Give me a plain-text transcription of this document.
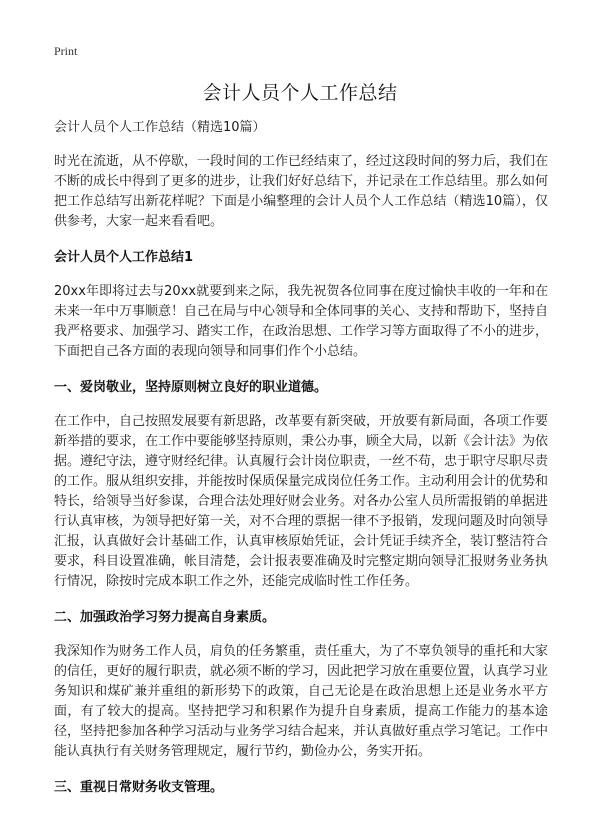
Print
会计人员个人工作总结

会计人员个人工作总结（精选10篇）

时光在流逝，从不停歇，一段时间的工作已经结束了，经过这段时间的努力后，我们在不断的成长中得到了更多的进步，让我们好好总结下，并记录在工作总结里。那么如何把工作总结写出新花样呢？下面是小编整理的会计人员个人工作总结（精选10篇），仅供参考，大家一起来看看吧。

会计人员个人工作总结1

20xx年即将过去与20xx就要到来之际，我先祝贺各位同事在度过愉快丰收的一年和在未来一年中万事顺意！自己在局与中心领导和全体同事的关心、支持和帮助下，坚持自我严格要求、加强学习、踏实工作，在政治思想、工作学习等方面取得了不小的进步，下面把自己各方面的表现向领导和同事们作个小总结。

一、爱岗敬业，坚持原则树立良好的职业道德。

在工作中，自己按照发展要有新思路，改革要有新突破，开放要有新局面，各项工作要新举措的要求，在工作中要能够坚持原则，秉公办事，顾全大局，以新《会计法》为依据。遵纪守法，遵守财经纪律。认真履行会计岗位职责，一丝不苟，忠于职守尽职尽责的工作。服从组织安排，并能按时保质保量完成岗位任务工作。主动利用会计的优势和特长，给领导当好参谋，合理合法处理好财会业务。对各办公室人员所需报销的单据进行认真审核，为领导把好第一关，对不合理的票据一律不予报销，发现问题及时向领导汇报，认真做好会计基础工作，认真审核原始凭证，会计凭证手续齐全，装订整洁符合要求，科目设置准确，帐目清楚，会计报表要准确及时完整定期向领导汇报财务业务执行情况，除按时完成本职工作之外，还能完成临时性工作任务。

二、加强政治学习努力提高自身素质。

我深知作为财务工作人员，肩负的任务繁重，责任重大，为了不辜负领导的重托和大家的信任，更好的履行职责，就必须不断的学习，因此把学习放在重要位置，认真学习业务知识和煤矿兼并重组的新形势下的政策，自己无论是在政治思想上还是业务水平方面，有了较大的提高。坚持把学习和积累作为提升自身素质，提高工作能力的基本途径，坚持把参加各种学习活动与业务学习结合起来，并认真做好重点学习笔记。工作中能认真执行有关财务管理规定，履行节约，勤俭办公，务实开拓。

三、重视日常财务收支管理。
